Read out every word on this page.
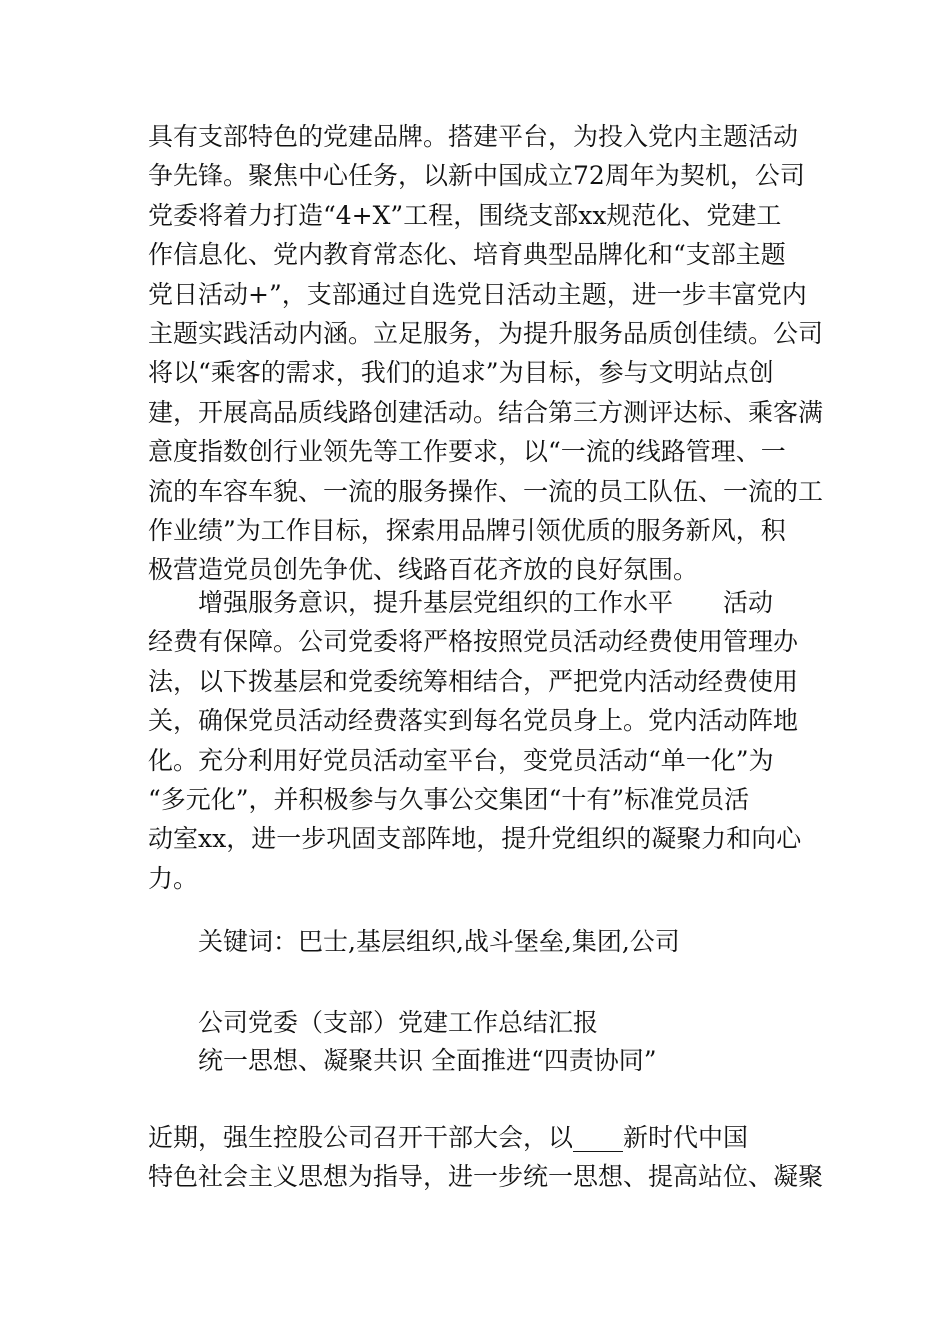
具有支部特色的党建品牌。搭建平台，为投入党内主题活动
争先锋。聚焦中心任务，以新中国成立72周年为契机，公司
党委将着力打造“4+X”工程，围绕支部xx规范化、党建工
作信息化、党内教育常态化、培育典型品牌化和“支部主题
党日活动+”，支部通过自选党日活动主题，进一步丰富党内
主题实践活动内涵。立足服务，为提升服务品质创佳绩。公司
将以“乘客的需求，我们的追求”为目标，参与文明站点创
建，开展高品质线路创建活动。结合第三方测评达标、乘客满
意度指数创行业领先等工作要求，以“一流的线路管理、一
流的车容车貌、一流的服务操作、一流的员工队伍、一流的工
作业绩”为工作目标，探索用品牌引领优质的服务新风，积
极营造党员创先争优、线路百花齐放的良好氛围。
　　增强服务意识，提升基层党组织的工作水平　　活动
经费有保障。公司党委将严格按照党员活动经费使用管理办
法，以下拨基层和党委统筹相结合，严把党内活动经费使用
关，确保党员活动经费落实到每名党员身上。党内活动阵地
化。充分利用好党员活动室平台，变党员活动“单一化”为
“多元化”，并积极参与久事公交集团“十有”标准党员活
动室xx，进一步巩固支部阵地，提升党组织的凝聚力和向心
力。
关键词：巴士,基层组织,战斗堡垒,集团,公司
公司党委（支部）党建工作总结汇报
统一思想、凝聚共识 全面推进“四责协同”
近期，强生控股公司召开干部大会，以____新时代中国
特色社会主义思想为指导，进一步统一思想、提高站位、凝聚
